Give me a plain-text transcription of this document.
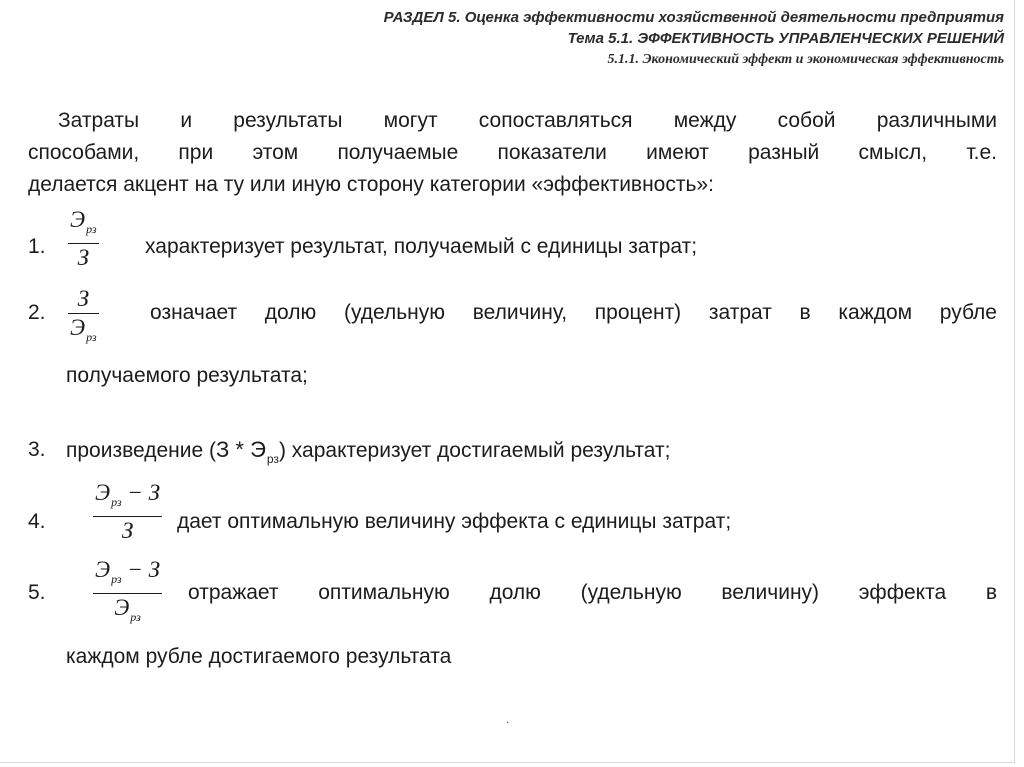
РАЗДЕЛ 5. Оценка эффективности хозяйственной деятельности предприятия
Тема 5.1. ЭФФЕКТИВНОСТЬ УПРАВЛЕНЧЕСКИХ РЕШЕНИЙ
5.1.1. Экономический эффект и экономическая эффективность
Затраты и результаты могут сопоставляться между собой различными
способами, при этом получаемые показатели имеют разный смысл, т.е.
делается акцент на ту или иную сторону категории «эффективность»:
1.
$Э_{рз}$
З	характеризует результат, получаемый с единицы затрат;
2.
З
$Э_{рз}$
означает долю (удельную величину, процент) затрат в каждом рубле
получаемого результата;
3. произведение $(З * Э_{рз})$ характеризует достигаемый результат;
4.
$Э_{рз} - З$
З дает оптимальную величину эффекта с единицы затрат;
5.
$Э_{рз} - З$
$Э_{рз}$
отражает оптимальную долю (удельную величину) эффекта в
каждом рубле достигаемого результата
.
